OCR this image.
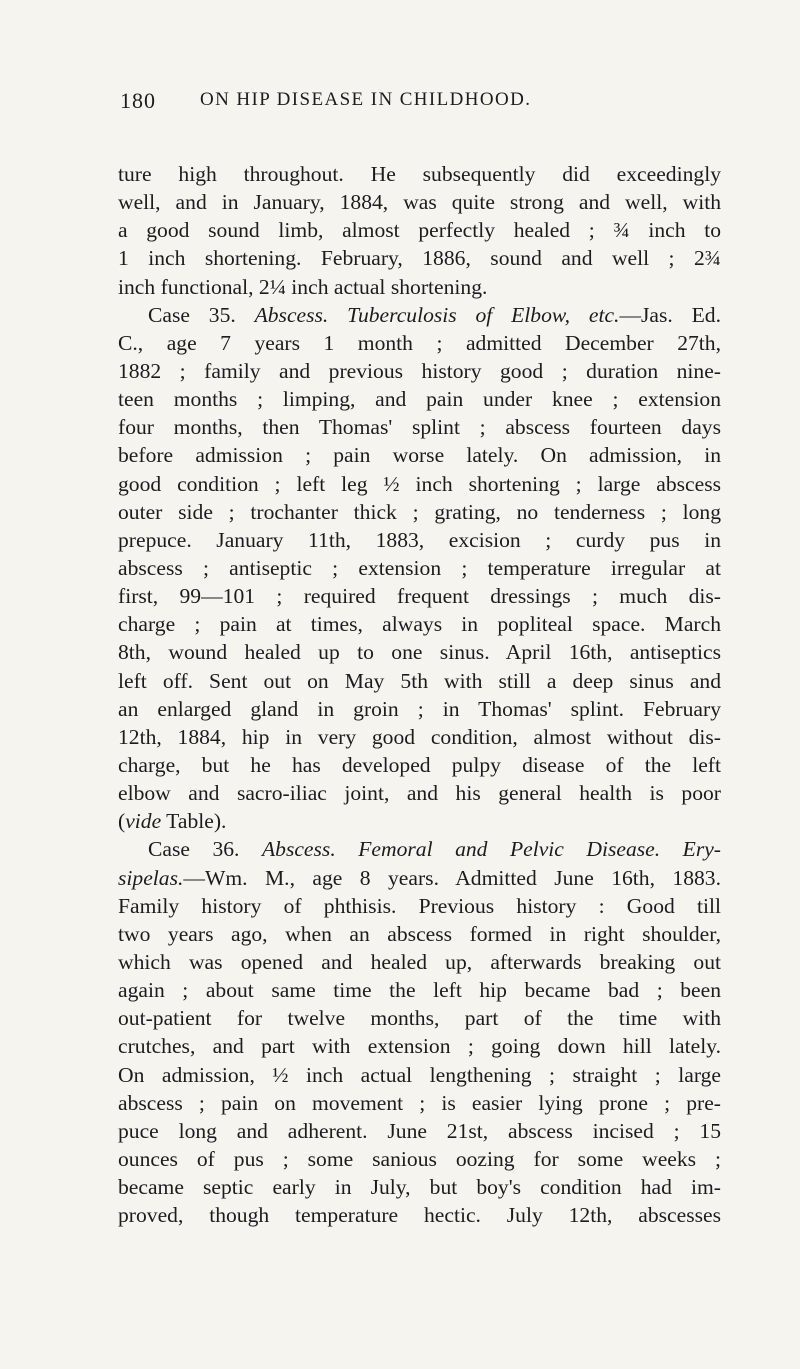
180 ON HIP DISEASE IN CHILDHOOD.
ture high throughout. He subsequently did exceedingly
well, and in January, 1884, was quite strong and well, with
a good sound limb, almost perfectly healed ; ¾ inch to
1 inch shortening. February, 1886, sound and well ; 2¾
inch functional, 2¼ inch actual shortening.
Case 35. Abscess. Tuberculosis of Elbow, etc.—Jas. Ed.
C., age 7 years 1 month ; admitted December 27th,
1882 ; family and previous history good ; duration nine-
teen months ; limping, and pain under knee ; extension
four months, then Thomas' splint ; abscess fourteen days
before admission ; pain worse lately. On admission, in
good condition ; left leg ½ inch shortening ; large abscess
outer side ; trochanter thick ; grating, no tenderness ; long
prepuce. January 11th, 1883, excision ; curdy pus in
abscess ; antiseptic ; extension ; temperature irregular at
first, 99—101 ; required frequent dressings ; much dis-
charge ; pain at times, always in popliteal space. March
8th, wound healed up to one sinus. April 16th, antiseptics
left off. Sent out on May 5th with still a deep sinus and
an enlarged gland in groin ; in Thomas' splint. February
12th, 1884, hip in very good condition, almost without dis-
charge, but he has developed pulpy disease of the left
elbow and sacro-iliac joint, and his general health is poor
(vide Table).
Case 36. Abscess. Femoral and Pelvic Disease. Ery-
sipelas.—Wm. M., age 8 years. Admitted June 16th, 1883.
Family history of phthisis. Previous history : Good till
two years ago, when an abscess formed in right shoulder,
which was opened and healed up, afterwards breaking out
again ; about same time the left hip became bad ; been
out-patient for twelve months, part of the time with
crutches, and part with extension ; going down hill lately.
On admission, ½ inch actual lengthening ; straight ; large
abscess ; pain on movement ; is easier lying prone ; pre-
puce long and adherent. June 21st, abscess incised ; 15
ounces of pus ; some sanious oozing for some weeks ;
became septic early in July, but boy's condition had im-
proved, though temperature hectic. July 12th, abscesses
